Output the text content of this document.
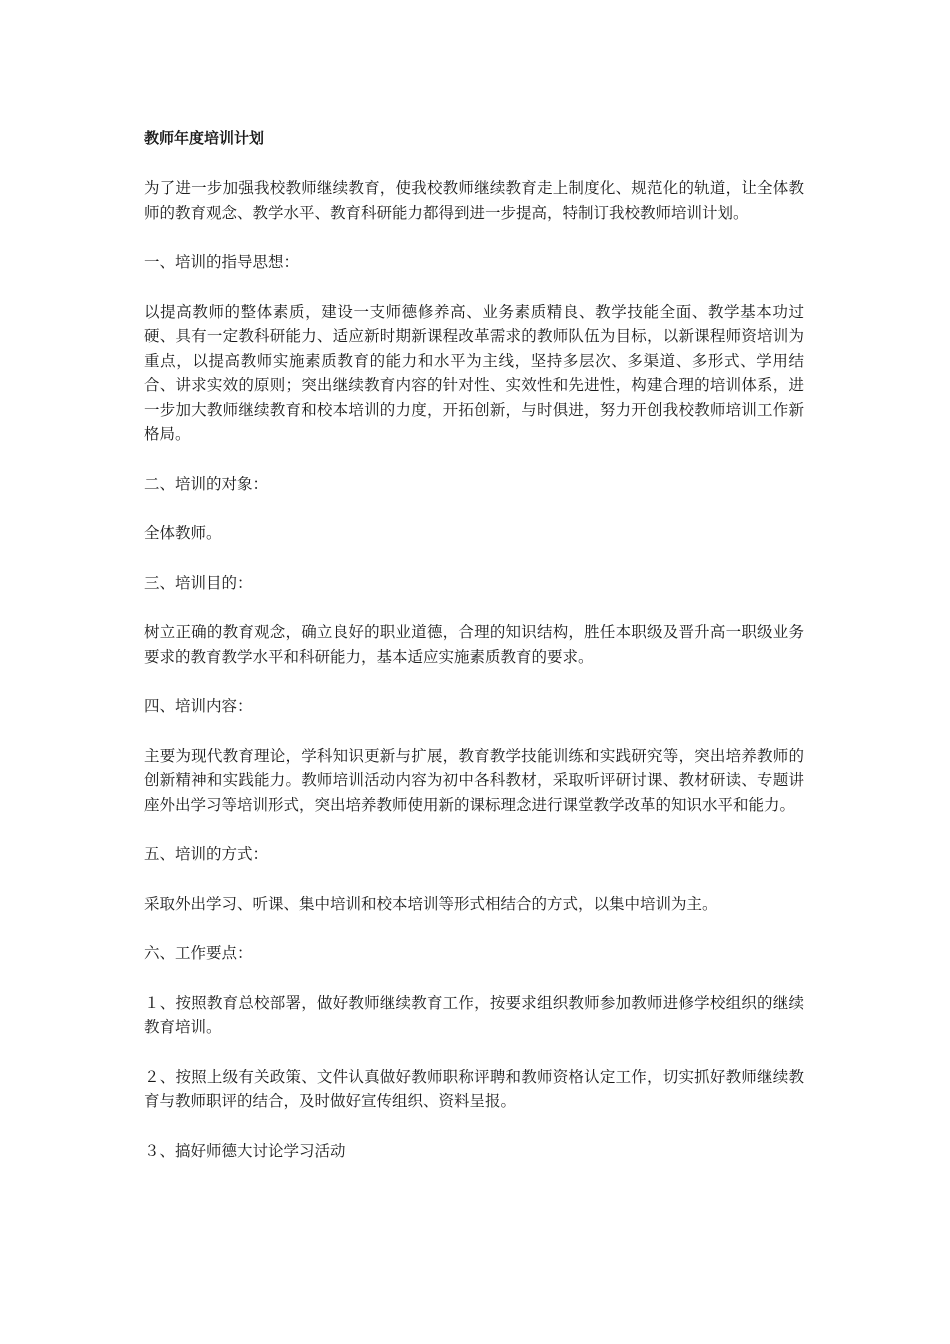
教师年度培训计划

为了进一步加强我校教师继续教育，使我校教师继续教育走上制度化、规范化的轨道，让全体教师的教育观念、教学水平、教育科研能力都得到进一步提高，特制订我校教师培训计划。

一、培训的指导思想：

以提高教师的整体素质，建设一支师德修养高、业务素质精良、教学技能全面、教学基本功过硬、具有一定教科研能力、适应新时期新课程改革需求的教师队伍为目标，以新课程师资培训为重点，以提高教师实施素质教育的能力和水平为主线，坚持多层次、多渠道、多形式、学用结合、讲求实效的原则；突出继续教育内容的针对性、实效性和先进性，构建合理的培训体系，进一步加大教师继续教育和校本培训的力度，开拓创新，与时俱进，努力开创我校教师培训工作新格局。

二、培训的对象：

全体教师。

三、培训目的：

树立正确的教育观念，确立良好的职业道德，合理的知识结构，胜任本职级及晋升高一职级业务要求的教育教学水平和科研能力，基本适应实施素质教育的要求。

四、培训内容：

主要为现代教育理论，学科知识更新与扩展，教育教学技能训练和实践研究等，突出培养教师的创新精神和实践能力。教师培训活动内容为初中各科教材，采取听评研讨课、教材研读、专题讲座外出学习等培训形式，突出培养教师使用新的课标理念进行课堂教学改革的知识水平和能力。

五、培训的方式：

采取外出学习、听课、集中培训和校本培训等形式相结合的方式，以集中培训为主。

六、工作要点：

１、按照教育总校部署，做好教师继续教育工作，按要求组织教师参加教师进修学校组织的继续教育培训。

２、按照上级有关政策、文件认真做好教师职称评聘和教师资格认定工作，切实抓好教师继续教育与教师职评的结合，及时做好宣传组织、资料呈报。

３、搞好师德大讨论学习活动
